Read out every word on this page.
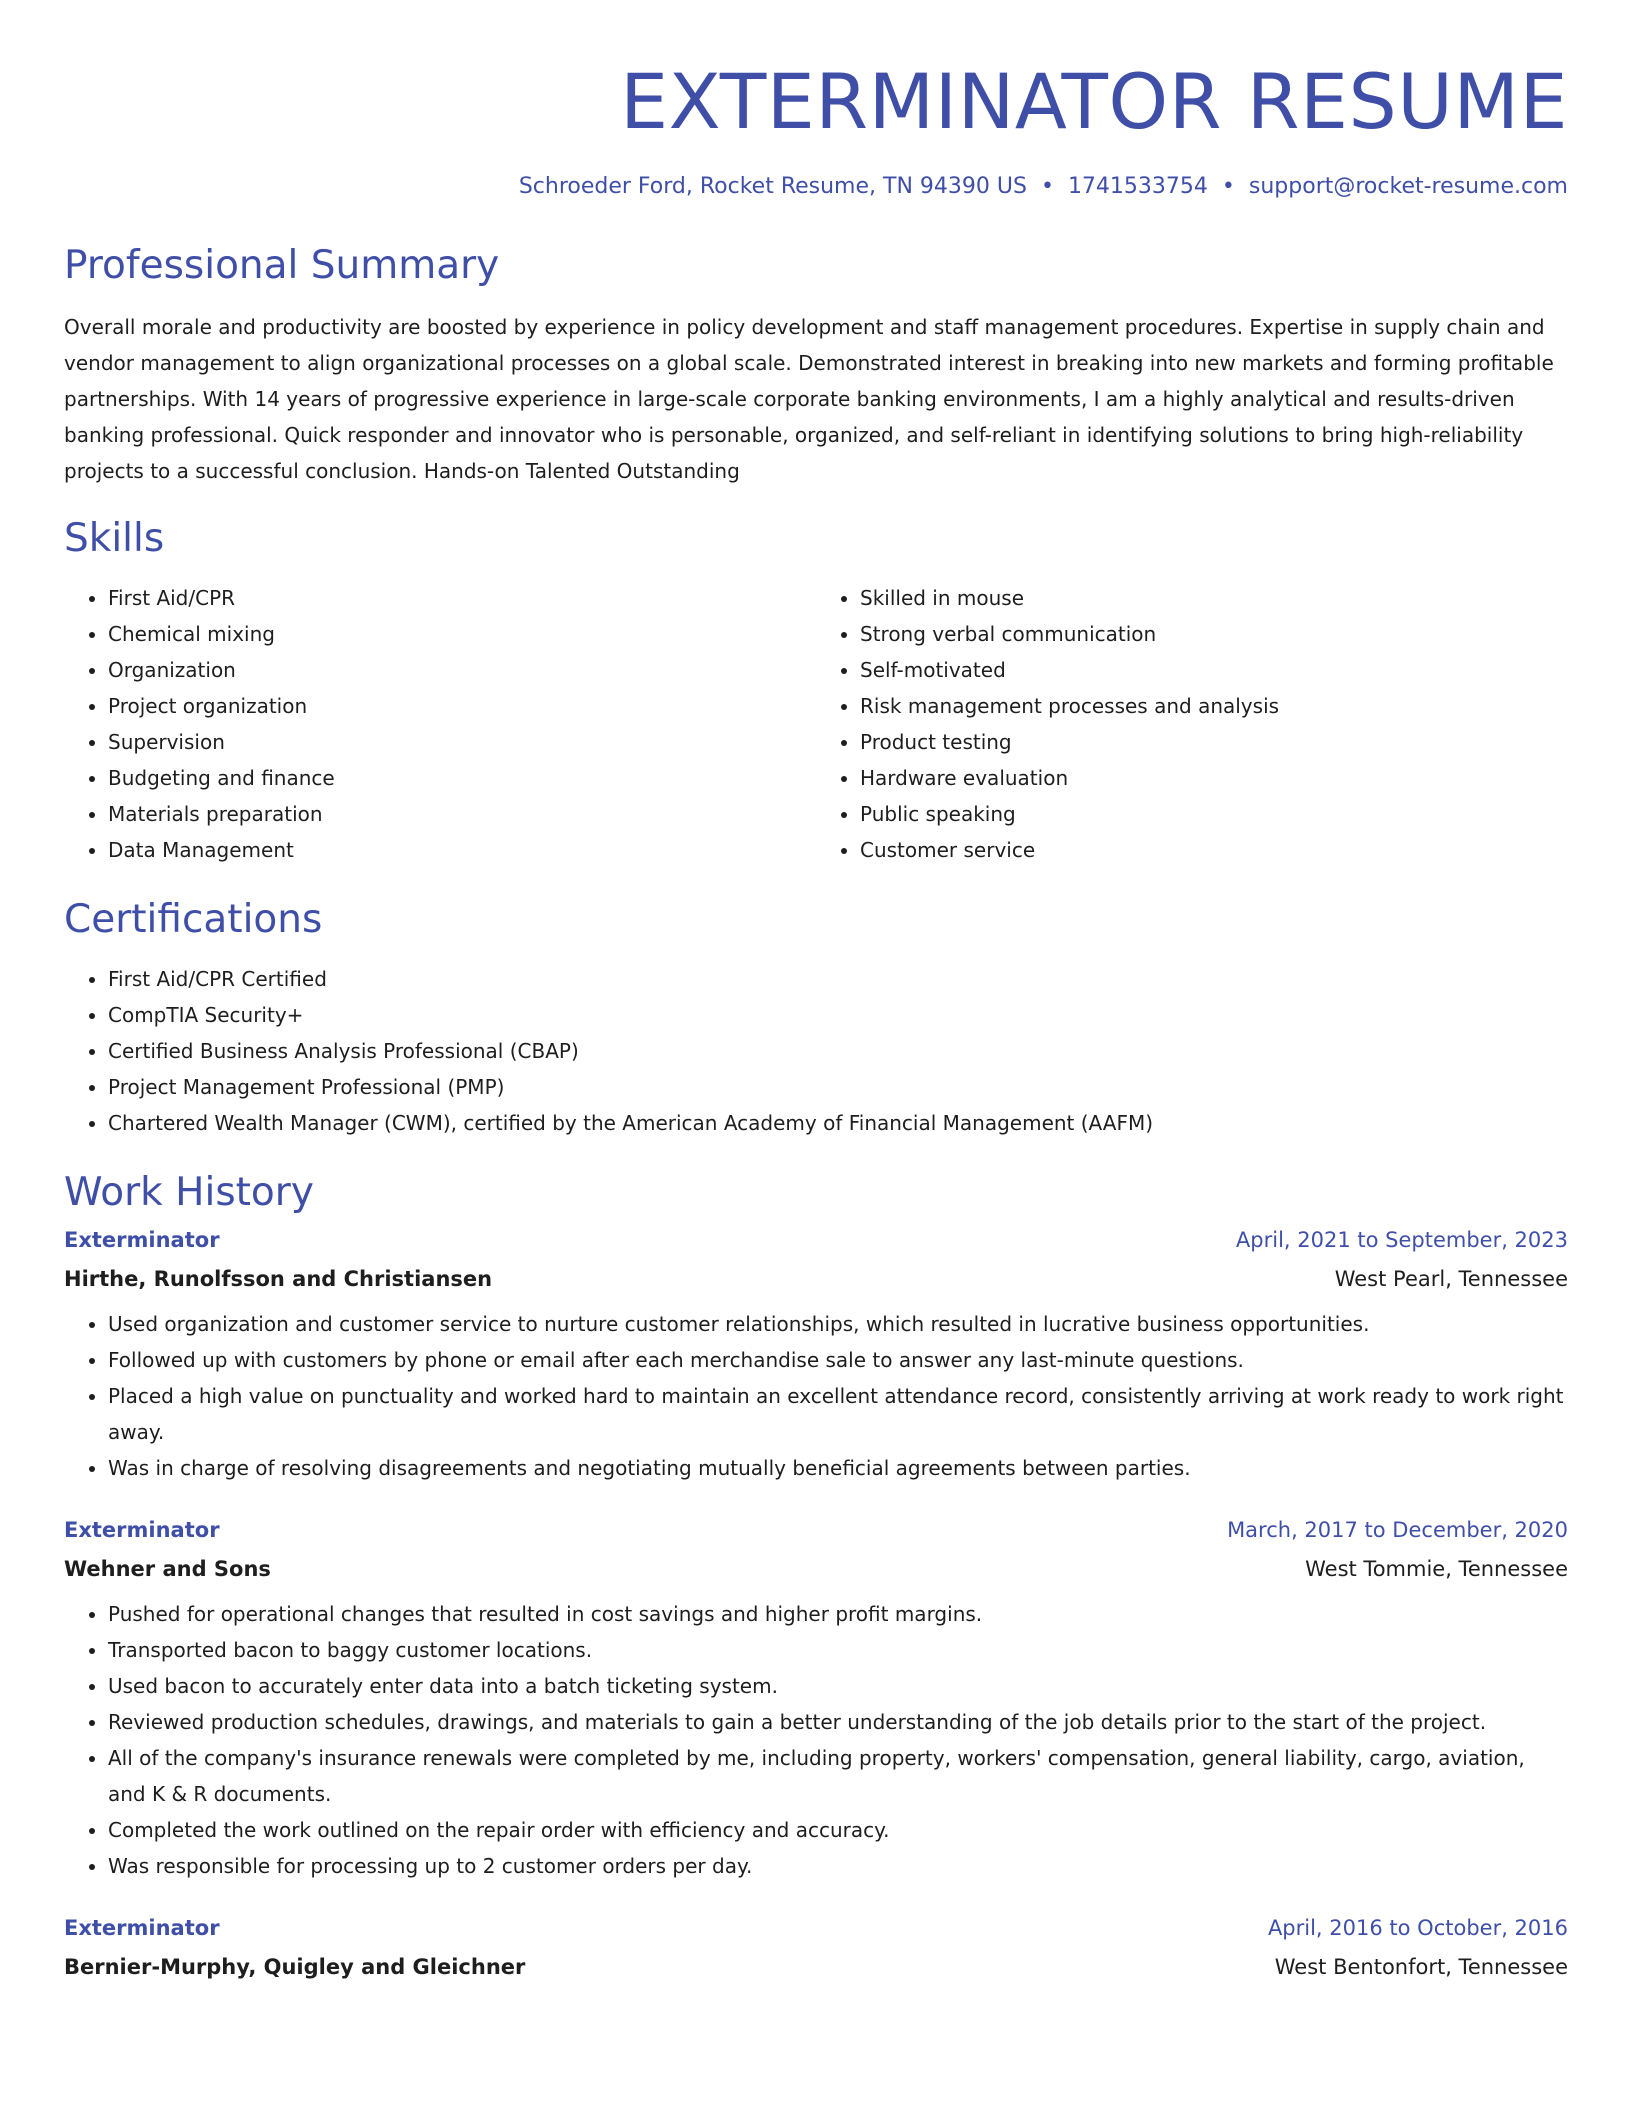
EXTERMINATOR RESUME
Schroeder Ford, Rocket Resume, TN 94390 US • 1741533754 • support@rocket-resume.com
Professional Summary

Overall morale and productivity are boosted by experience in policy development and staff management procedures. Expertise in supply chain and vendor management to align organizational processes on a global scale. Demonstrated interest in breaking into new markets and forming profitable partnerships. With 14 years of progressive experience in large-scale corporate banking environments, I am a highly analytical and results-driven banking professional. Quick responder and innovator who is personable, organized, and self-reliant in identifying solutions to bring high-reliability projects to a successful conclusion. Hands-on Talented Outstanding

Skills
• First Aid/CPR
• Chemical mixing
• Organization
• Project organization
• Supervision
• Budgeting and finance
• Materials preparation
• Data Management
• Skilled in mouse
• Strong verbal communication
• Self-motivated
• Risk management processes and analysis
• Product testing
• Hardware evaluation
• Public speaking
• Customer service
Certifications
• First Aid/CPR Certified
• CompTIA Security+
• Certified Business Analysis Professional (CBAP)
• Project Management Professional (PMP)
• Chartered Wealth Manager (CWM), certified by the American Academy of Financial Management (AAFM)
Work History
Exterminator	April, 2021 to September, 2023
Hirthe, Runolfsson and Christiansen	West Pearl, Tennessee
• Used organization and customer service to nurture customer relationships, which resulted in lucrative business opportunities.
• Followed up with customers by phone or email after each merchandise sale to answer any last-minute questions.
• Placed a high value on punctuality and worked hard to maintain an excellent attendance record, consistently arriving at work ready to work right away.
• Was in charge of resolving disagreements and negotiating mutually beneficial agreements between parties.
Exterminator	March, 2017 to December, 2020
Wehner and Sons	West Tommie, Tennessee
• Pushed for operational changes that resulted in cost savings and higher profit margins.
• Transported bacon to baggy customer locations.
• Used bacon to accurately enter data into a batch ticketing system.
• Reviewed production schedules, drawings, and materials to gain a better understanding of the job details prior to the start of the project.
• All of the company's insurance renewals were completed by me, including property, workers' compensation, general liability, cargo, aviation, and K & R documents.
• Completed the work outlined on the repair order with efficiency and accuracy.
• Was responsible for processing up to 2 customer orders per day.
Exterminator	April, 2016 to October, 2016
Bernier-Murphy, Quigley and Gleichner	West Bentonfort, Tennessee
